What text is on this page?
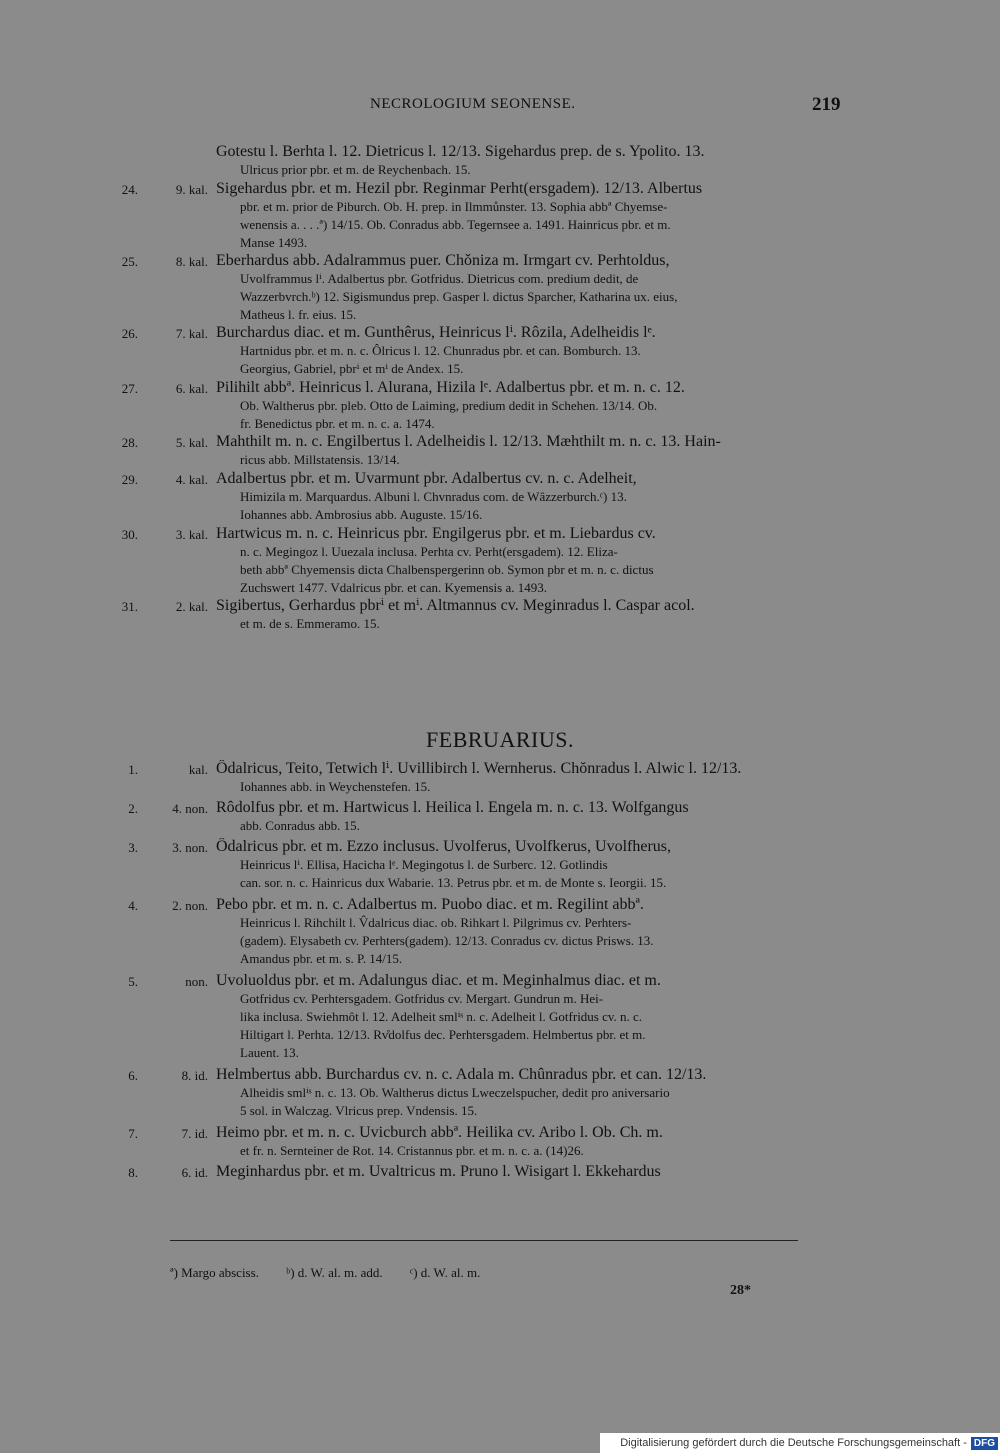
NECROLOGIUM SEONENSE.	219
Gotestu l. Berhta l. 12. Dietricus l. 12/13. Sigehardus prep. de s. Ypolito. 13.
Ulricus prior pbr. et m. de Reychenbach. 15.
24.	9. kal. Sigehardus pbr. et m. Hezil pbr. Reginmar Perht(ersgadem). 12/13. Albertus
pbr. et m. prior de Piburch. Ob. H. prep. in Ilmmůnster. 13. Sophia abbª Chyemse-
wenensis a. . . .ª) 14/15. Ob. Conradus abb. Tegernsee a. 1491. Hainricus pbr. et m.
Manse 1493.
25.	8. kal. Eberhardus abb. Adalrammus puer. Chǒniza m. Irmgart cv. Perhtoldus,
Uvolframmus lⁱ. Adalbertus pbr. Gotfridus. Dietricus com. predium dedit, de
Wazzerbvrch.ᵇ) 12. Sigismundus prep. Gasper l. dictus Sparcher, Katharina ux. eius,
Matheus l. fr. eius. 15.
26.	7. kal. Burchardus diac. et m. Gunthêrus, Heinricus lⁱ. Rôzila, Adelheidis lᵉ.
Hartnidus pbr. et m. n. c. Ôlricus l. 12. Chunradus pbr. et can. Bomburch. 13.
Georgius, Gabriel, pbrⁱ et mⁱ de Andex. 15.
27.	6. kal. Pilihilt abbª. Heinricus l. Alurana, Hizila lᵉ. Adalbertus pbr. et m. n. c. 12.
Ob. Waltherus pbr. pleb. Otto de Laiming, predium dedit in Schehen. 13/14. Ob.
fr. Benedictus pbr. et m. n. c. a. 1474.
28.	5. kal. Mahthilt m. n. c. Engilbertus l. Adelheidis l. 12/13. Mæhthilt m. n. c. 13. Hain-
ricus abb. Millstatensis. 13/14.
29.	4. kal. Adalbertus pbr. et m. Uvarmunt pbr. Adalbertus cv. n. c. Adelheit,
Himizila m. Marquardus. Albuni l. Chvnradus com. de Wâzzerburch.ᶜ) 13.
Iohannes abb. Ambrosius abb. Auguste. 15/16.
30.	3. kal. Hartwicus m. n. c. Heinricus pbr. Engilgerus pbr. et m. Liebardus cv.
n. c. Megingoz l. Uuezala inclusa. Perhta cv. Perht(ersgadem). 12. Eliza-
beth abbª Chyemensis dicta Chalbenspergerinn ob. Symon pbr et m. n. c. dictus
Zuchswert 1477. Vdalricus pbr. et can. Kyemensis a. 1493.
31.	2. kal. Sigibertus, Gerhardus pbrⁱ et mⁱ. Altmannus cv. Meginradus l. Caspar acol.
et m. de s. Emmeramo. 15.
FEBRUARIUS.
1.	kal. Ôdalricus, Teito, Tetwich lⁱ. Uvillibirch l. Wernherus. Chŏnradus l. Alwic l. 12/13.
Iohannes abb. in Weychenstefen. 15.
2.	4. non. Rôdolfus pbr. et m. Hartwicus l. Heilica l. Engela m. n. c. 13. Wolfgangus
abb. Conradus abb. 15.
3.	3. non. Ôdalricus pbr. et m. Ezzo inclusus. Uvolferus, Uvolfkerus, Uvolfherus,
Heinricus lⁱ. Ellisa, Hacicha lᵉ. Megingotus l. de Surberc. 12. Gotlindis
can. sor. n. c. Hainricus dux Wabarie. 13. Petrus pbr. et m. de Monte s. Ieorgii. 15.
4.	2. non. Pebo pbr. et m. n. c. Adalbertus m. Puobo diac. et m. Regilint abbª.
Heinricus l. Rihchilt l. V̂dalricus diac. ob. Rihkart l. Pilgrimus cv. Perhters-
(gadem). Elysabeth cv. Perhters(gadem). 12/13. Conradus cv. dictus Prisws. 13.
Amandus pbr. et m. s. P. 14/15.
5.	non. Uvoluoldus pbr. et m. Adalungus diac. et m. Meginhalmus diac. et m.
Gotfridus cv. Perhtersgadem. Gotfridus cv. Mergart. Gundrun m. Hei-
lika inclusa. Swiehmôt l. 12. Adelheit smlⁱˢ n. c. Adelheit l. Gotfridus cv. n. c.
Hiltigart l. Perhta. 12/13. Rv̊dolfus dec. Perhtersgadem. Helmbertus pbr. et m.
Lauent. 13.
6.	8. id. Helmbertus abb. Burchardus cv. n. c. Adala m. Chûnradus pbr. et can. 12/13.
Alheidis smlⁱˢ n. c. 13. Ob. Waltherus dictus Lweczelspucher, dedit pro aniversario
5 sol. in Walczag. Vlricus prep. Vndensis. 15.
7.	7. id. Heimo pbr. et m. n. c. Uvicburch abbª. Heilika cv. Aribo l. Ob. Ch. m.
et fr. n. Sernteiner de Rot. 14. Cristannus pbr. et m. n. c. a. (14)26.
8.	6. id. Meginhardus pbr. et m. Uvaltricus m. Pruno l. Wisigart l. Ekkehardus
ª) Margo absciss. ᵇ) d. W. al. m. add. ᶜ) d. W. al. m.
28*
Digitalisierung gefördert durch die Deutsche Forschungsgemeinschaft - DFG
